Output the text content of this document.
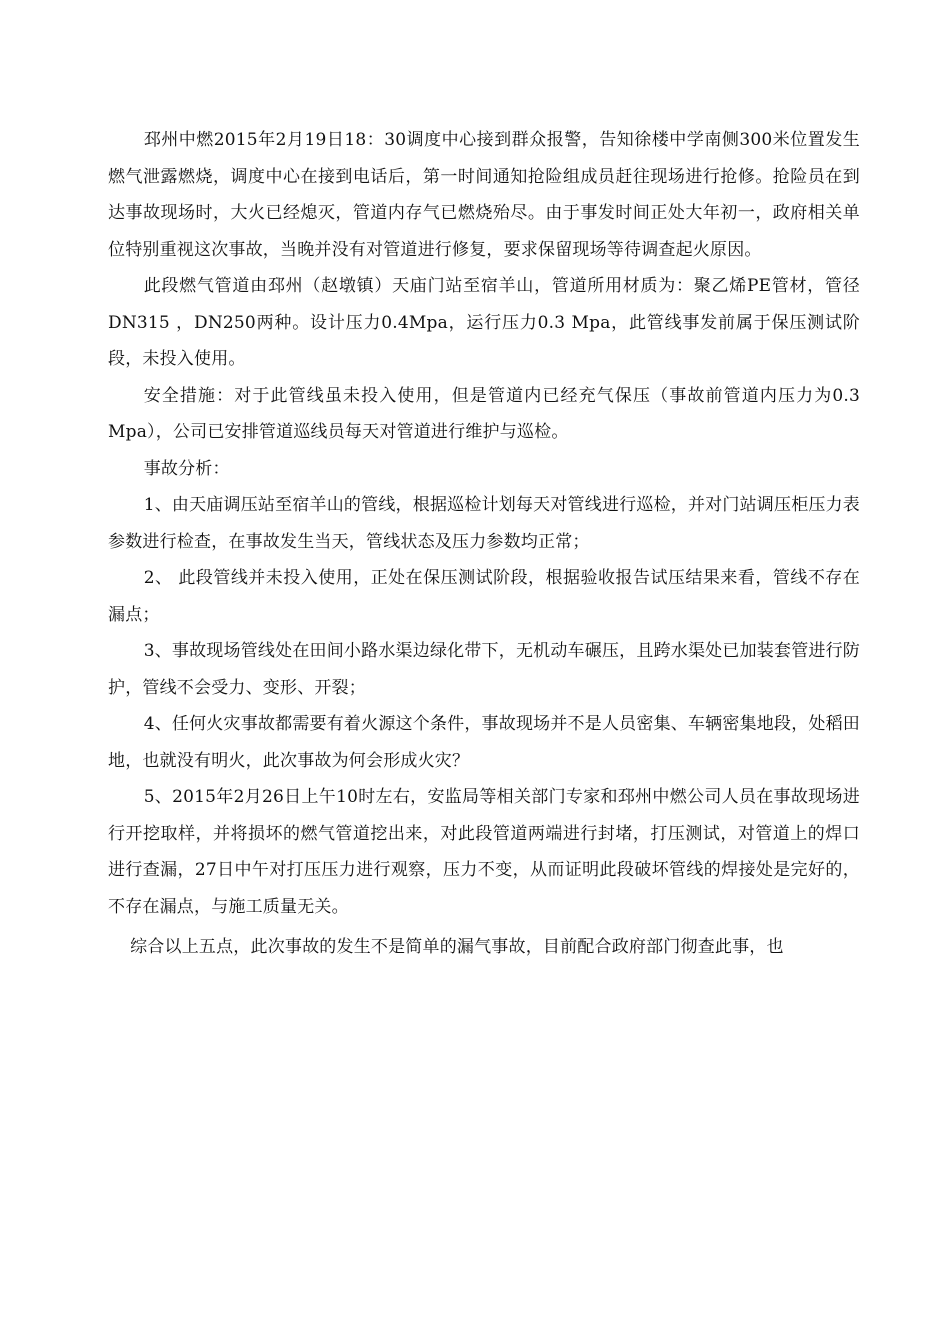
邳州中燃2015年2月19日18：30调度中心接到群众报警，告知徐楼中学南侧300米位置发生燃气泄露燃烧，调度中心在接到电话后，第一时间通知抢险组成员赶往现场进行抢修。抢险员在到达事故现场时，大火已经熄灭，管道内存气已燃烧殆尽。由于事发时间正处大年初一，政府相关单位特别重视这次事故，当晚并没有对管道进行修复，要求保留现场等待调查起火原因。

此段燃气管道由邳州（赵墩镇）天庙门站至宿羊山，管道所用材质为：聚乙烯PE管材，管径DN315 ，DN250两种。设计压力0.4Mpa，运行压力0.3 Mpa，此管线事发前属于保压测试阶段，未投入使用。

安全措施：对于此管线虽未投入使用，但是管道内已经充气保压（事故前管道内压力为0.3 Mpa），公司已安排管道巡线员每天对管道进行维护与巡检。

事故分析：

1、由天庙调压站至宿羊山的管线，根据巡检计划每天对管线进行巡检，并对门站调压柜压力表参数进行检查，在事故发生当天，管线状态及压力参数均正常；

2、 此段管线并未投入使用，正处在保压测试阶段，根据验收报告试压结果来看，管线不存在漏点；

3、事故现场管线处在田间小路水渠边绿化带下，无机动车碾压，且跨水渠处已加装套管进行防护，管线不会受力、变形、开裂；

4、任何火灾事故都需要有着火源这个条件，事故现场并不是人员密集、车辆密集地段，处稻田地，也就没有明火，此次事故为何会形成火灾？

5、2015年2月26日上午10时左右，安监局等相关部门专家和邳州中燃公司人员在事故现场进行开挖取样，并将损坏的燃气管道挖出来，对此段管道两端进行封堵，打压测试，对管道上的焊口进行查漏，27日中午对打压压力进行观察，压力不变，从而证明此段破坏管线的焊接处是完好的，不存在漏点，与施工质量无关。

综合以上五点，此次事故的发生不是简单的漏气事故，目前配合政府部门彻查此事，也
